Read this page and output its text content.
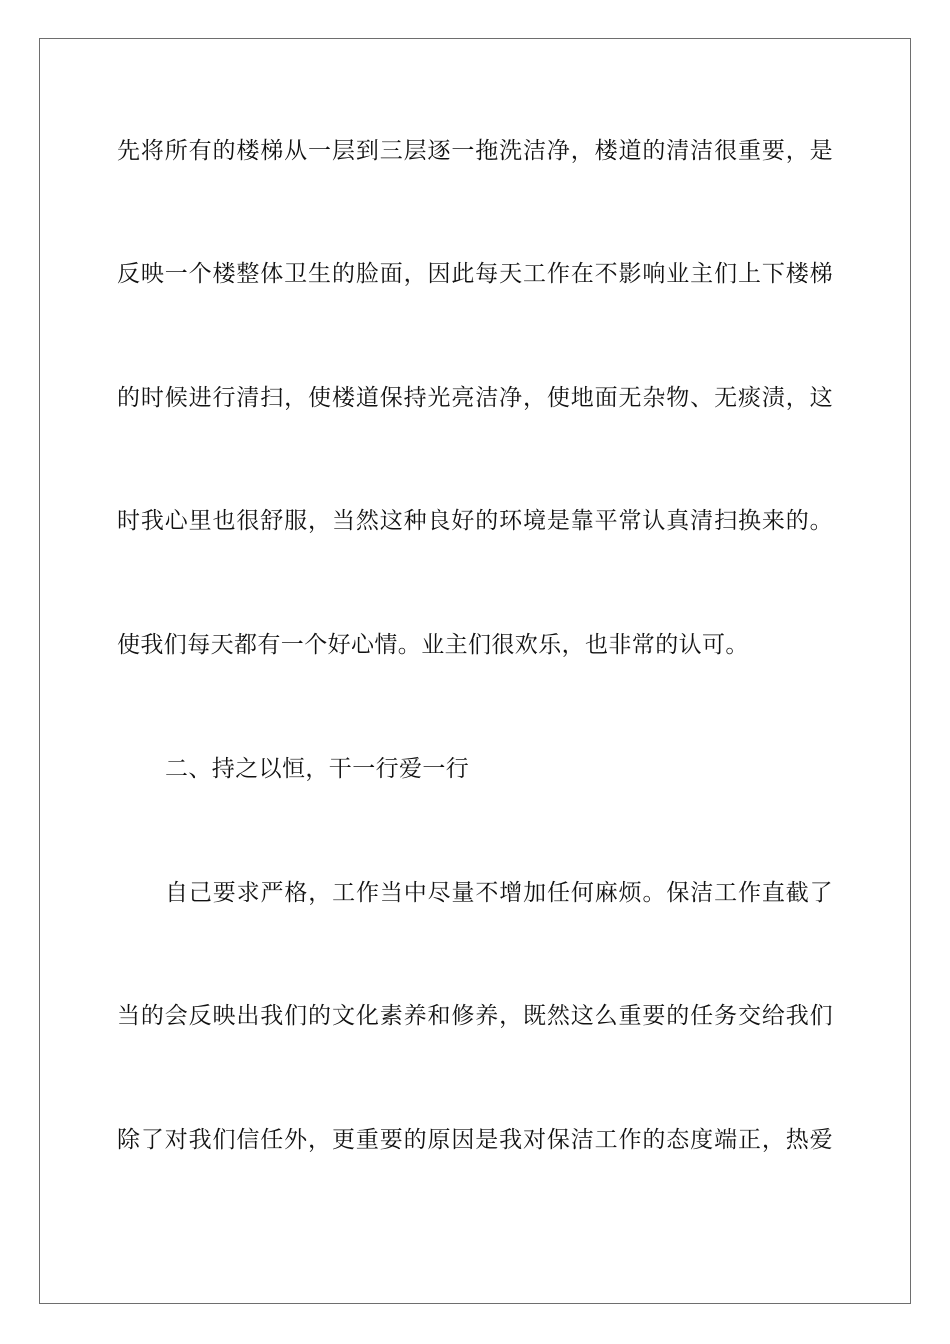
先将所有的楼梯从一层到三层逐一拖洗洁净，楼道的清洁很重要，是
反映一个楼整体卫生的脸面，因此每天工作在不影响业主们上下楼梯
的时候进行清扫，使楼道保持光亮洁净，使地面无杂物、无痰渍，这
时我心里也很舒服，当然这种良好的环境是靠平常认真清扫换来的。
使我们每天都有一个好心情。业主们很欢乐，也非常的认可。
二、持之以恒，干一行爱一行
自己要求严格，工作当中尽量不增加任何麻烦。保洁工作直截了
当的会反映出我们的文化素养和修养，既然这么重要的任务交给我们
除了对我们信任外，更重要的原因是我对保洁工作的态度端正，热爱
